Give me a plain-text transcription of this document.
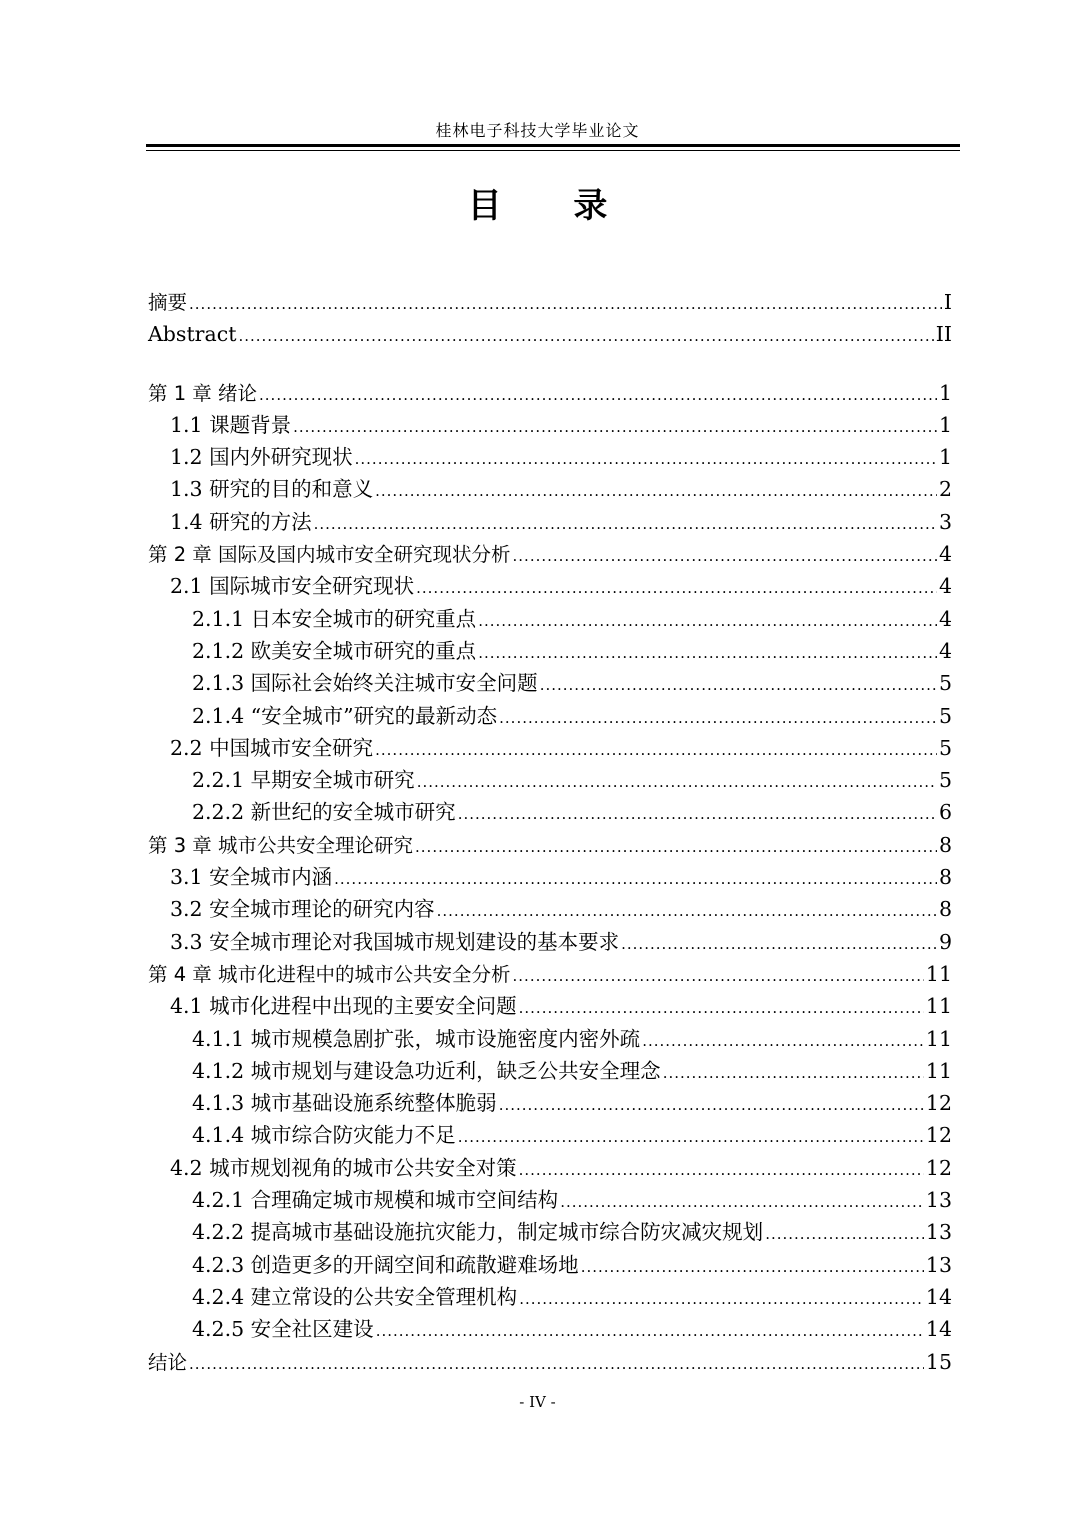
桂林电子科技大学毕业论文
目 录
摘要 .....	I
Abstract .....	II
第 1 章 绪论 .....	1
1.1 课题背景 .....	1
1.2 国内外研究现状 .....	1
1.3 研究的目的和意义 .....	2
1.4 研究的方法 .....	3
第 2 章 国际及国内城市安全研究现状分析 .....	4
2.1 国际城市安全研究现状 .....	4
2.1.1 日本安全城市的研究重点 .....	4
2.1.2 欧美安全城市研究的重点 .....	4
2.1.3 国际社会始终关注城市安全问题 .....	5
2.1.4 “安全城市”研究的最新动态 .....	5
2.2 中国城市安全研究 .....	5
2.2.1 早期安全城市研究 .....	5
2.2.2 新世纪的安全城市研究 .....	6
第 3 章 城市公共安全理论研究 .....	8
3.1 安全城市内涵 .....	8
3.2 安全城市理论的研究内容 .....	8
3.3 安全城市理论对我国城市规划建设的基本要求 .....	9
第 4 章 城市化进程中的城市公共安全分析 .....	11
4.1 城市化进程中出现的主要安全问题 .....	11
4.1.1 城市规模急剧扩张，城市设施密度内密外疏 .....	11
4.1.2 城市规划与建设急功近利，缺乏公共安全理念 .....	11
4.1.3 城市基础设施系统整体脆弱 .....	12
4.1.4 城市综合防灾能力不足 .....	12
4.2 城市规划视角的城市公共安全对策 .....	12
4.2.1 合理确定城市规模和城市空间结构 .....	13
4.2.2 提高城市基础设施抗灾能力，制定城市综合防灾减灾规划 .....	13
4.2.3 创造更多的开阔空间和疏散避难场地 .....	13
4.2.4 建立常设的公共安全管理机构 .....	14
4.2.5 安全社区建设 .....	14
结论 .....	15
- IV -
